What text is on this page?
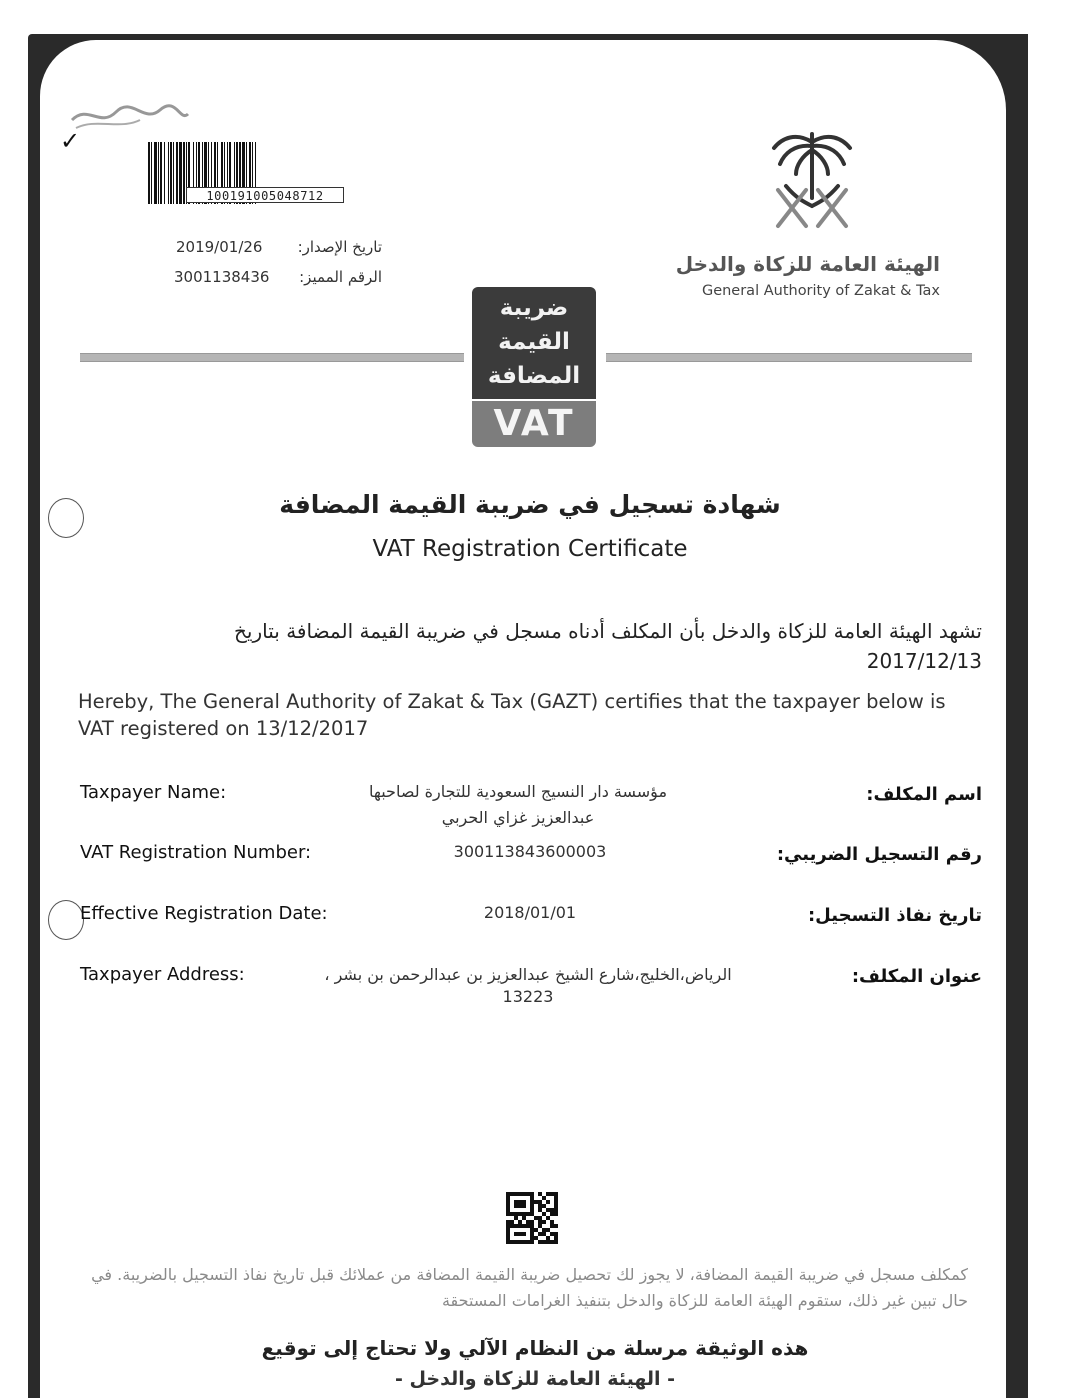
100191005048712
تاريخ الإصدار:
2019/01/26
الرقم المميز:
3001138436
الهيئة العامة للزكاة والدخل
General Authority of Zakat & Tax
ضريبة
القيمة
المضافة
VAT
✓
شهادة تسجيل في ضريبة القيمة المضافة
VAT Registration Certificate
تشهد الهيئة العامة للزكاة والدخل بأن المكلف أدناه مسجل في ضريبة القيمة المضافة بتاريخ 2017/12/13
Hereby, The General Authority of Zakat & Tax (GAZT) certifies that the taxpayer below is VAT registered on 13/12/2017
Taxpayer Name:	اسم المكلف:
مؤسسة دار النسيج السعودية للتجارة لصاحبها
عبدالعزيز غزاي الحربي
VAT Registration Number:	رقم التسجيل الضريبي:
300113843600003
Effective Registration Date:	تاريخ نفاذ التسجيل:
2018/01/01
Taxpayer Address:	عنوان المكلف:
الرياض،الخليج،شارع الشيخ عبدالعزيز بن عبدالرحمن بن بشر ،
13223
كمكلف مسجل في ضريبة القيمة المضافة، لا يجوز لك تحصيل ضريبة القيمة المضافة من عملائك قبل تاريخ نفاذ التسجيل بالضريبة. في حال تبين غير ذلك، ستقوم الهيئة العامة للزكاة والدخل بتنفيذ الغرامات المستحقة
هذه الوثيقة مرسلة من النظام الآلي ولا تحتاج إلى توقيع
- الهيئة العامة للزكاة والدخل -
